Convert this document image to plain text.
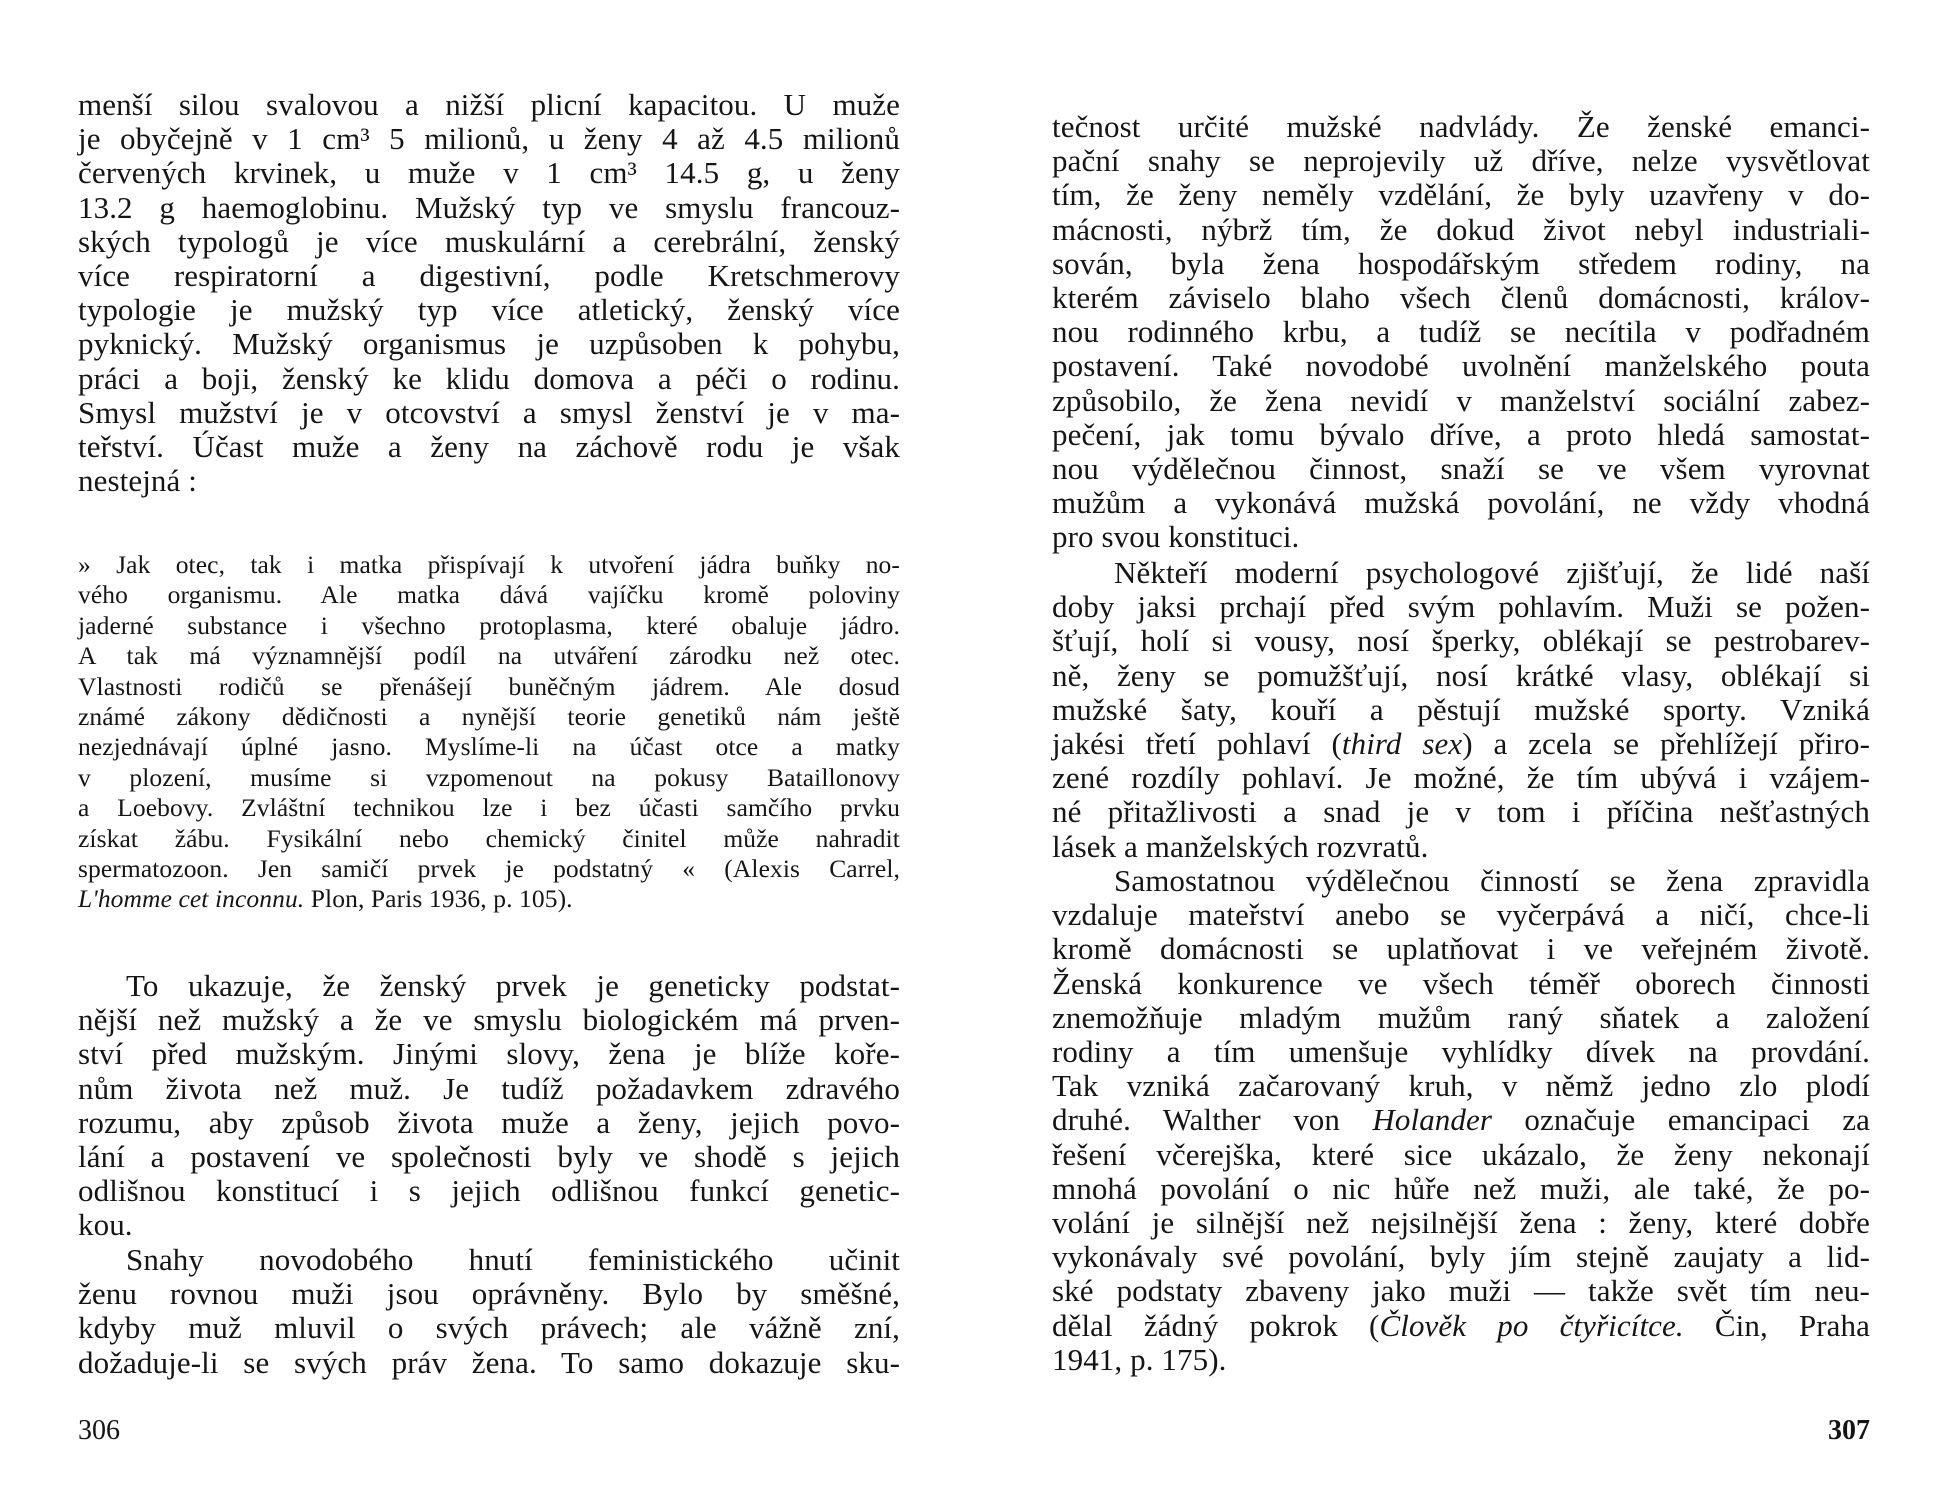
menší silou svalovou a nižší plicní kapacitou. U muže
je obyčejně v 1 cm³ 5 milionů, u ženy 4 až 4.5 milionů
červených krvinek, u muže v 1 cm³ 14.5 g, u ženy
13.2 g haemoglobinu. Mužský typ ve smyslu francouz-
ských typologů je více muskulární a cerebrální, ženský
více respiratorní a digestivní, podle Kretschmerovy
typologie je mužský typ více atletický, ženský více
pyknický. Mužský organismus je uzpůsoben k pohybu,
práci a boji, ženský ke klidu domova a péči o rodinu.
Smysl mužství je v otcovství a smysl ženství je v ma-
teřství. Účast muže a ženy na záchově rodu je však
nestejná :
» Jak otec, tak i matka přispívají k utvoření jádra buňky no-
vého organismu. Ale matka dává vajíčku kromě poloviny
jaderné substance i všechno protoplasma, které obaluje jádro.
A tak má významnější podíl na utváření zárodku než otec.
Vlastnosti rodičů se přenášejí buněčným jádrem. Ale dosud
známé zákony dědičnosti a nynější teorie genetiků nám ještě
nezjednávají úplné jasno. Myslíme-li na účast otce a matky
v plození, musíme si vzpomenout na pokusy Bataillonovy
a Loebovy. Zvláštní technikou lze i bez účasti samčího prvku
získat žábu. Fysikální nebo chemický činitel může nahradit
spermatozoon. Jen samičí prvek je podstatný « (Alexis Carrel,
L'homme cet inconnu. Plon, Paris 1936, p. 105).
To ukazuje, že ženský prvek je geneticky podstat-
nější než mužský a že ve smyslu biologickém má prven-
ství před mužským. Jinými slovy, žena je blíže koře-
nům života než muž. Je tudíž požadavkem zdravého
rozumu, aby způsob života muže a ženy, jejich povo-
lání a postavení ve společnosti byly ve shodě s jejich
odlišnou konstitucí i s jejich odlišnou funkcí genetic-
kou.
Snahy novodobého hnutí feministického učinit
ženu rovnou muži jsou oprávněny. Bylo by směšné,
kdyby muž mluvil o svých právech; ale vážně zní,
dožaduje-li se svých práv žena. To samo dokazuje sku-
306
tečnost určité mužské nadvlády. Že ženské emanci-
pační snahy se neprojevily už dříve, nelze vysvětlovat
tím, že ženy neměly vzdělání, že byly uzavřeny v do-
mácnosti, nýbrž tím, že dokud život nebyl industriali-
sován, byla žena hospodářským středem rodiny, na
kterém záviselo blaho všech členů domácnosti, králov-
nou rodinného krbu, a tudíž se necítila v podřadném
postavení. Také novodobé uvolnění manželského pouta
způsobilo, že žena nevidí v manželství sociální zabez-
pečení, jak tomu bývalo dříve, a proto hledá samostat-
nou výdělečnou činnost, snaží se ve všem vyrovnat
mužům a vykonává mužská povolání, ne vždy vhodná
pro svou konstituci.
Někteří moderní psychologové zjišťují, že lidé naší
doby jaksi prchají před svým pohlavím. Muži se požen-
šťují, holí si vousy, nosí šperky, oblékají se pestrobarev-
ně, ženy se pomužšťují, nosí krátké vlasy, oblékají si
mužské šaty, kouří a pěstují mužské sporty. Vzniká
jakési třetí pohlaví (third sex) a zcela se přehlížejí přiro-
zené rozdíly pohlaví. Je možné, že tím ubývá i vzájem-
né přitažlivosti a snad je v tom i příčina nešťastných
lásek a manželských rozvratů.
Samostatnou výdělečnou činností se žena zpravidla
vzdaluje mateřství anebo se vyčerpává a ničí, chce-li
kromě domácnosti se uplatňovat i ve veřejném životě.
Ženská konkurence ve všech téměř oborech činnosti
znemožňuje mladým mužům raný sňatek a založení
rodiny a tím umenšuje vyhlídky dívek na provdání.
Tak vzniká začarovaný kruh, v němž jedno zlo plodí
druhé. Walther von Holander označuje emancipaci za
řešení včerejška, které sice ukázalo, že ženy nekonají
mnohá povolání o nic hůře než muži, ale také, že po-
volání je silnější než nejsilnější žena : ženy, které dobře
vykonávaly své povolání, byly jím stejně zaujaty a lid-
ské podstaty zbaveny jako muži — takže svět tím neu-
dělal žádný pokrok (Člověk po čtyřicítce. Čin, Praha
1941, p. 175).
307
